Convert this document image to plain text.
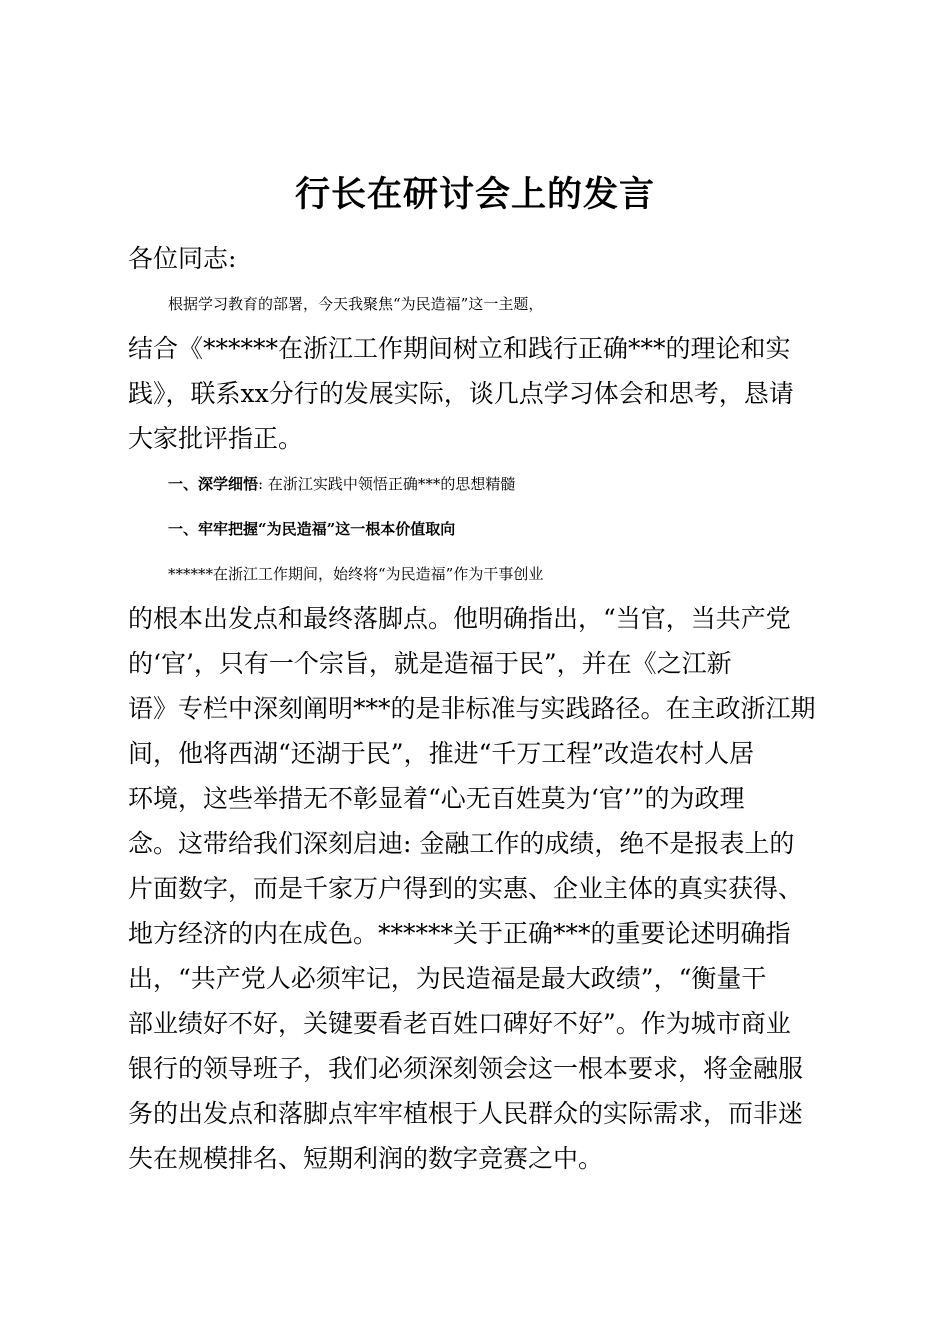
行长在研讨会上的发言
各位同志:
根据学习教育的部署，今天我聚焦“为民造福”这一主题，
结合《******在浙江工作期间树立和践行正确***的理论和实
践》，联系xx分行的发展实际，谈几点学习体会和思考，恳请
大家批评指正。
一、深学细悟: 在浙江实践中领悟正确***的思想精髓
一、牢牢把握“为民造福”这一根本价值取向
******在浙江工作期间，始终将“为民造福”作为干事创业
的根本出发点和最终落脚点。他明确指出，“当官，当共产党
的‘官’，只有一个宗旨，就是造福于民”，并在《之江新
语》专栏中深刻阐明***的是非标准与实践路径。在主政浙江期
间，他将西湖“还湖于民”，推进“千万工程”改造农村人居
环境，这些举措无不彰显着“心无百姓莫为‘官’”的为政理
念。这带给我们深刻启迪: 金融工作的成绩，绝不是报表上的
片面数字，而是千家万户得到的实惠、企业主体的真实获得、
地方经济的内在成色。******关于正确***的重要论述明确指
出，“共产党人必须牢记，为民造福是最大政绩”，“衡量干
部业绩好不好，关键要看老百姓口碑好不好”。作为城市商业
银行的领导班子，我们必须深刻领会这一根本要求，将金融服
务的出发点和落脚点牢牢植根于人民群众的实际需求，而非迷
失在规模排名、短期利润的数字竞赛之中。
